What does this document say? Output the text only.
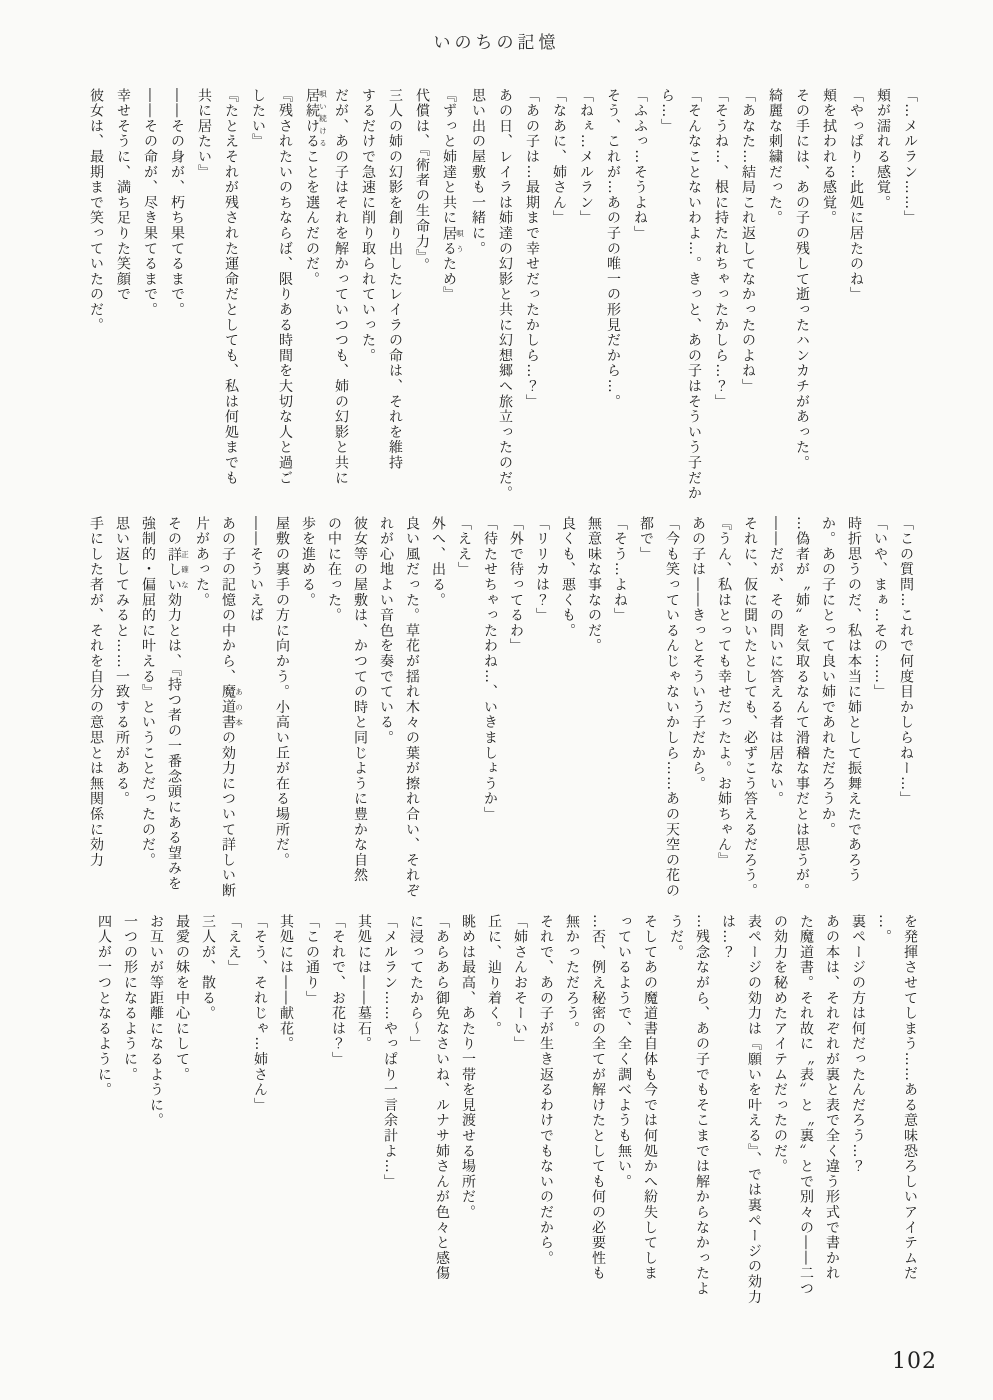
いのちの記憶
「…メルラン……」
頬が濡れる感覚。
「やっぱり…此処に居たのね」
頬を拭われる感覚。
その手には、あの子の残して逝ったハンカチがあった。
綺麗な刺繍だった。
「あなた…結局これ返してなかったのよね」
「そうね…、根に持たれちゃったかしら…？」
「そんなことないわよ…。きっと、あの子はそういう子だか
ら…」
「ふふっ…そうよね」
そう、これが…あの子の唯一の形見だから…。
「ねぇ…メルラン」
「なあに、姉さん」
「あの子は…最期まで幸せだったかしら…？」
あの日、レイラは姉達の幻影と共に幻想郷へ旅立ったのだ。
思い出の屋敷も一緒に。
『ずっと姉達と共に居る唄うため』
代償は、『術者の生命力』。
三人の姉の幻影を創り出したレイラの命は、それを維持
するだけで急速に削り取られていった。
だが、あの子はそれを解かっていつつも、姉の幻影と共に
居続ける唄い続けることを選んだのだ。
『残されたいのちならば、限りある時間を大切な人と過ご
したい』
『たとえそれが残された運命だとしても、私は何処までも
共に居たい』
――その身が、朽ち果てるまで。
――その命が、尽き果てるまで。
幸せそうに、満ち足りた笑顔で
彼女は、最期まで笑っていたのだ。
「この質問…これで何度目かしらねー…」
「いや、まぁ…その……」
時折思うのだ、私は本当に姉として振舞えたであろう
か。あの子にとって良い姉であれただろうか。
…偽者が〝姉〟を気取るなんて滑稽な事だとは思うが。
――だが、その問いに答える者は居ない。
それに、仮に聞いたとしても、必ずこう答えるだろう。
『うん、私はとっても幸せだったよ。お姉ちゃん』
あの子は――きっとそういう子だから。
「今も笑っているんじゃないかしら……あの天空の花の
都で」
「そう…よね」
無意味な事なのだ。
良くも、悪くも。
「リリカは？」
「外で待ってるわ」
「待たせちゃったわね…、いきましょうか」
「ええ」
外へ、出る。
良い風だった。草花が揺れ木々の葉が擦れ合い、それぞ
れが心地よい音色を奏でている。
彼女等の屋敷は、かつての時と同じように豊かな自然
の中に在った。
歩を進める。
屋敷の裏手の方に向かう。小高い丘が在る場所だ。
――そういえば
あの子の記憶の中から、魔道書あの本の効力について詳しい断
片があった。
その詳しい正確な効力とは、『持つ者の一番念頭にある望みを
強制的・偏屈的に叶える』ということだったのだ。
思い返してみると……一致する所がある。
手にした者が、それを自分の意思とは無関係に効力
を発揮させてしまう……ある意味恐ろしいアイテムだ
…。
裏ページの方は何だったんだろう…？
あの本は、それぞれが裏と表で全く違う形式で書かれ
た魔道書。それ故に〝表〟と〝裏〟とで別々の――二つ
の効力を秘めたアイテムだったのだ。
表ページの効力は『願いを叶える』、では裏ページの効力
は…？
…残念ながら、あの子でもそこまでは解からなかったよ
うだ。
そしてあの魔道書自体も今では何処かへ紛失してしま
っているようで、全く調べようも無い。
…否、例え秘密の全てが解けたとしても何の必要性も
無かっただろう。
それで、あの子が生き返るわけでもないのだから。
「姉さんおそーい」
丘に、辿り着く。
眺めは最高、あたり一帯を見渡せる場所だ。
「あらあら御免なさいね、ルナサ姉さんが色々と感傷
に浸ってたから～」
「メルラン……やっぱり一言余計よ…」
其処には――墓石。
「それで、お花は？」
「この通り」
其処には――献花。
「そう、それじゃ…姉さん」
「ええ」
三人が、散る。
最愛の妹を中心にして。
お互いが等距離になるように。
一つの形になるように。
四人が一つとなるように。
102
